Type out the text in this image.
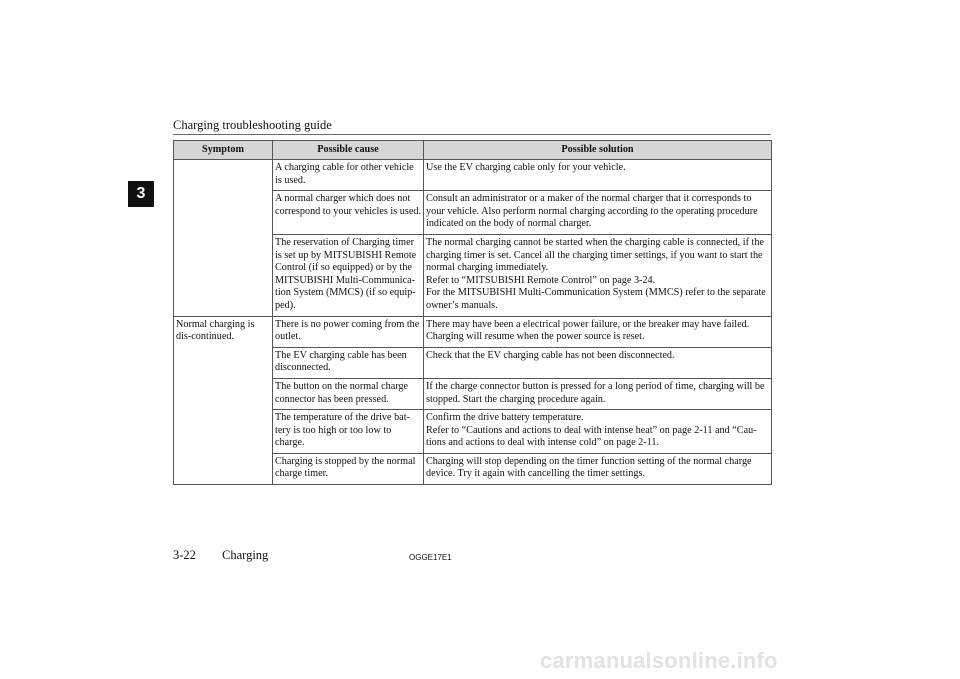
Charging troubleshooting guide
3
Symptom	Possible cause	Possible solution
	A charging cable for other vehicle is used.	Use the EV charging cable only for your vehicle.

	A normal charger which does not correspond to your vehicles is used.	Consult an administrator or a maker of the normal charger that it corresponds to your vehicle. Also perform normal charging according to the operating procedure indicated on the body of normal charger.

	The reservation of Charging timer is set up by MITSUBISHI Remote Control (if so equipped) or by the MITSUBISHI Multi-Communica-tion System (MMCS) (if so equip-ped).	The normal charging cannot be started when the charging cable is connected, if the charging timer is set. Cancel all the charging timer settings, if you want to start the normal charging immediately.
Refer to “MITSUBISHI Remote Control” on page 3-24.
For the MITSUBISHI Multi-Communication System (MMCS) refer to the separate owner’s manuals.

Normal charging is dis-continued.	There is no power coming from the outlet.	There may have been a electrical power failure, or the breaker may have failed.
Charging will resume when the power source is reset.

	The EV charging cable has been disconnected.	Check that the EV charging cable has not been disconnected.

	The button on the normal charge connector has been pressed.	If the charge connector button is pressed for a long period of time, charging will be stopped. Start the charging procedure again.

	The temperature of the drive bat-tery is too high or too low to charge.	Confirm the drive battery temperature.
Refer to “Cautions and actions to deal with intense heat” on page 2-11 and “Cau-tions and actions to deal with intense cold” on page 2-11.

	Charging is stopped by the normal charge timer.	Charging will stop depending on the timer function setting of the normal charge device. Try it again with cancelling the timer settings.
3-22 Charging	OGGE17E1
carmanualsonline.info
